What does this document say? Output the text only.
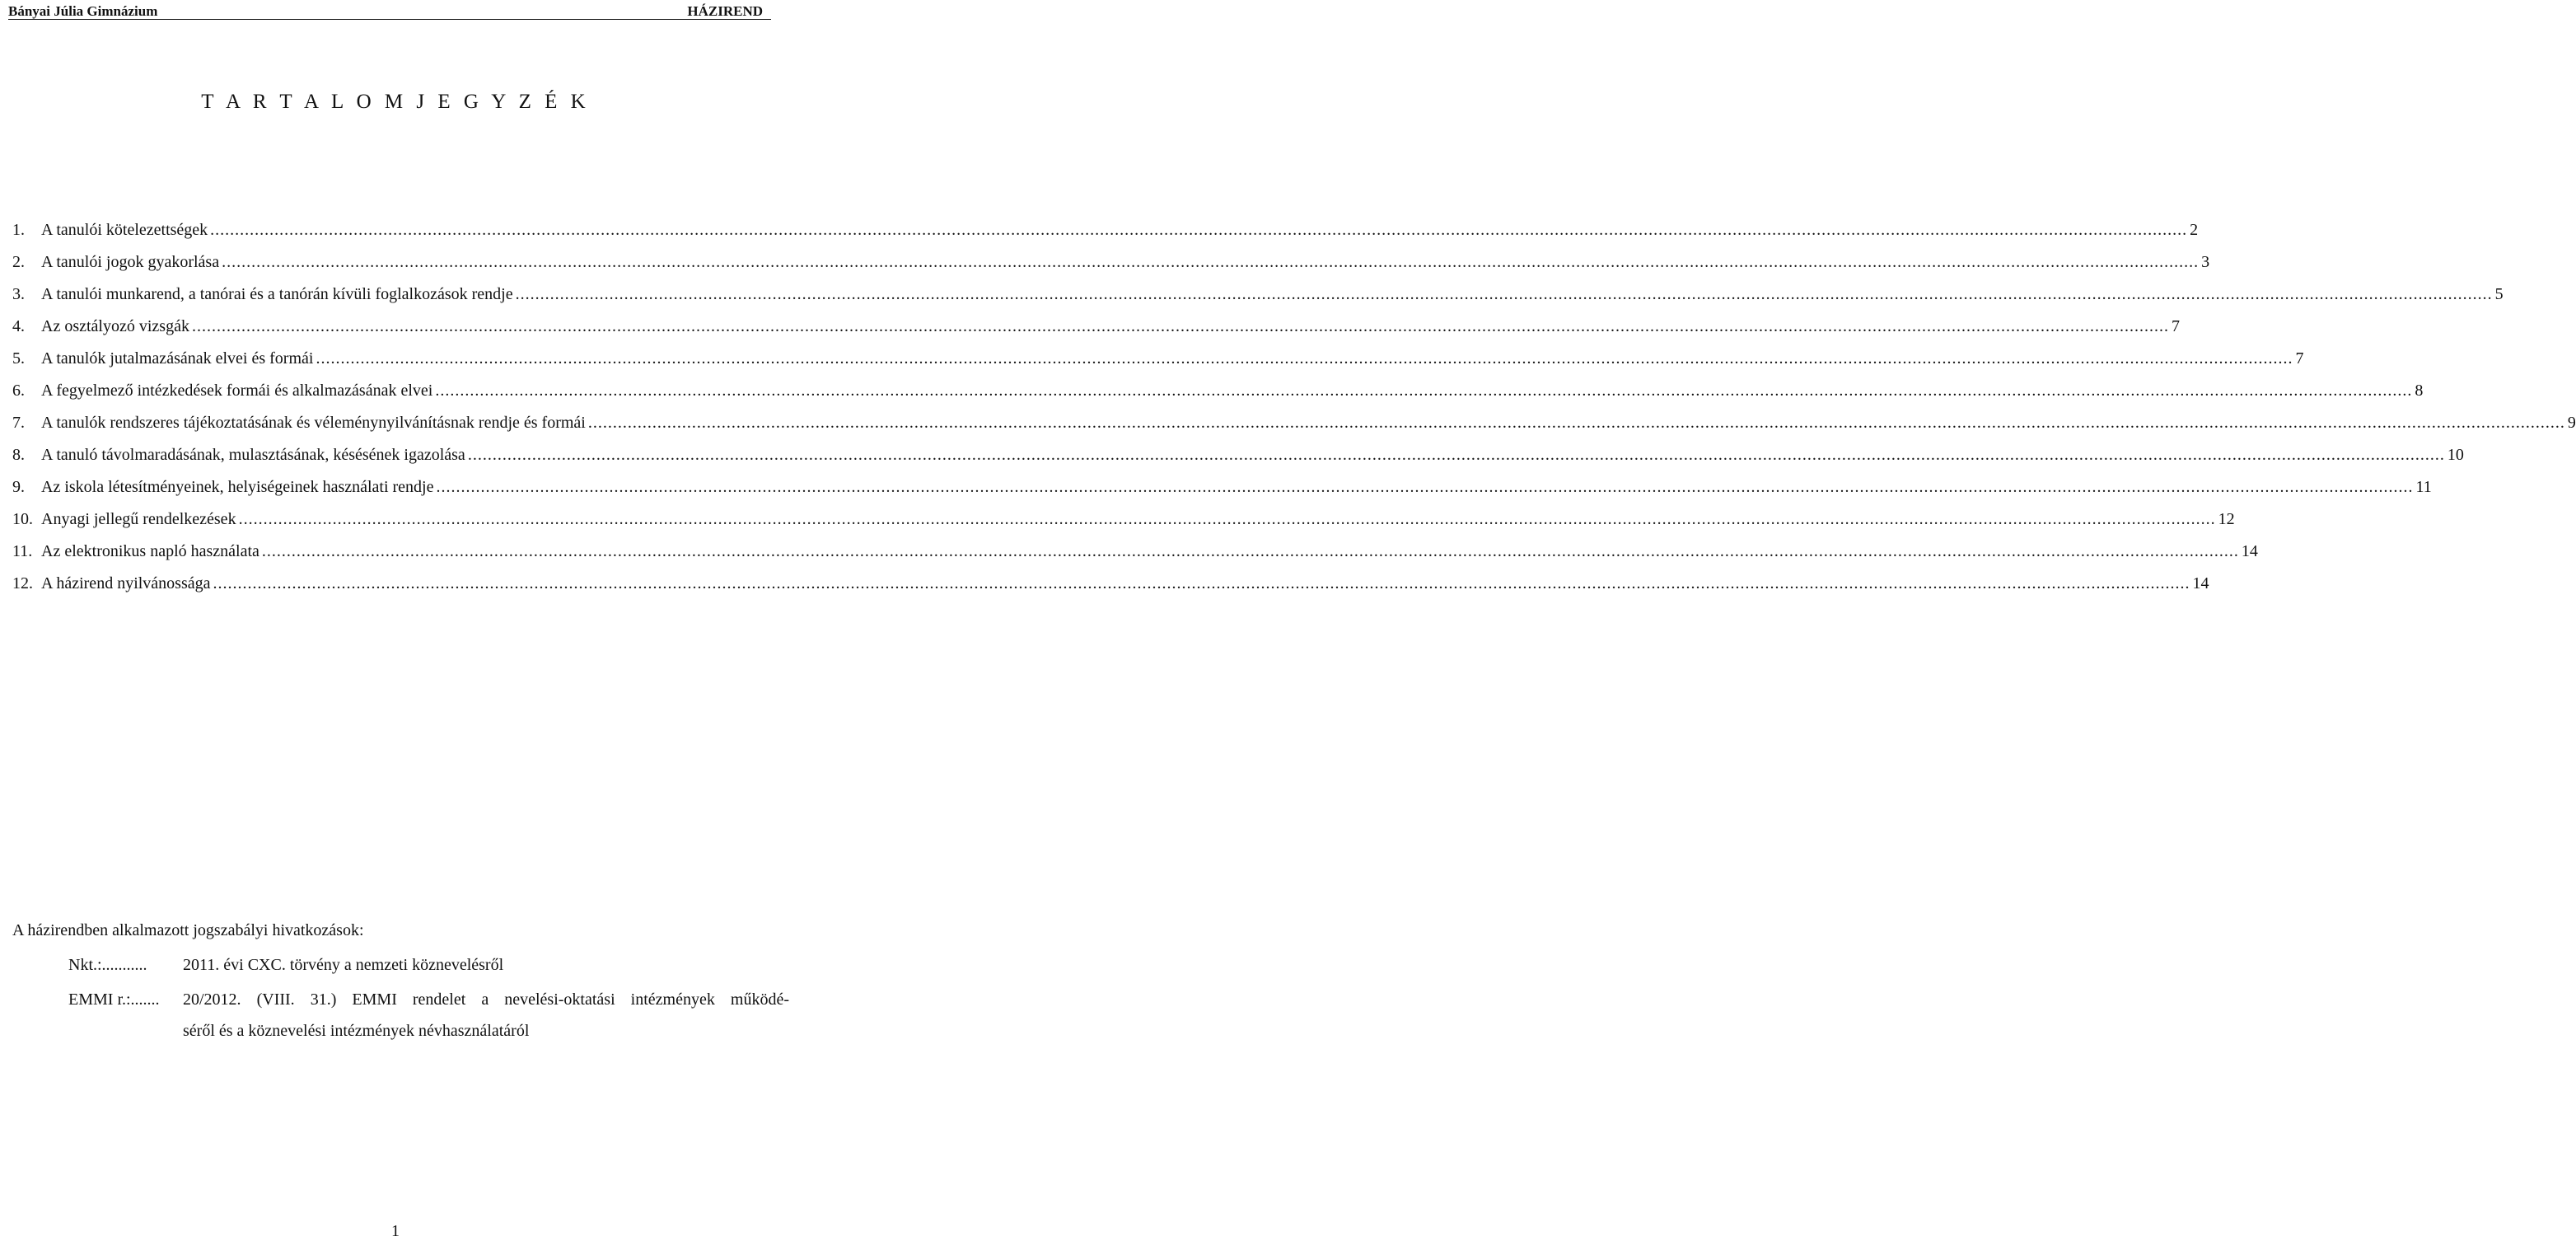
Bányai Júlia Gimnázium	HÁZIREND
T A R T A L O M J E G Y Z É K
1.	A tanulói kötelezettségek ................................................................................................................................................................................................................................................................................................................................................................................................................ 2
2.	A tanulói jogok gyakorlása ................................................................................................................................................................................................................................................................................................................................................................................................................ 3
3.	A tanulói munkarend, a tanórai és a tanórán kívüli foglalkozások rendje ................................................................................................................................................................................................................................................................................................................................................................................................................ 5
4.	Az osztályozó vizsgák ................................................................................................................................................................................................................................................................................................................................................................................................................ 7
5.	A tanulók jutalmazásának elvei és formái ................................................................................................................................................................................................................................................................................................................................................................................................................ 7
6.	A fegyelmező intézkedések formái és alkalmazásának elvei ................................................................................................................................................................................................................................................................................................................................................................................................................ 8
7.	A tanulók rendszeres tájékoztatásának és véleménynyilvánításnak rendje és formái ................................................................................................................................................................................................................................................................................................................................................................................................................ 9
8.	A tanuló távolmaradásának, mulasztásának, késésének igazolása ................................................................................................................................................................................................................................................................................................................................................................................................................ 10
9.	Az iskola létesítményeinek, helyiségeinek használati rendje ................................................................................................................................................................................................................................................................................................................................................................................................................ 11
10. Anyagi jellegű rendelkezések ................................................................................................................................................................................................................................................................................................................................................................................................................ 12
11. Az elektronikus napló használata ................................................................................................................................................................................................................................................................................................................................................................................................................ 14
12. A házirend nyilvánossága ................................................................................................................................................................................................................................................................................................................................................................................................................ 14
A házirendben alkalmazott jogszabályi hivatkozások:
Nkt.:........... 2011. évi CXC. törvény a nemzeti köznevelésről
EMMI r.:....... 20/2012. (VIII. 31.) EMMI rendelet a nevelési-oktatási intézmények működé-
séről és a köznevelési intézmények névhasználatáról
1
